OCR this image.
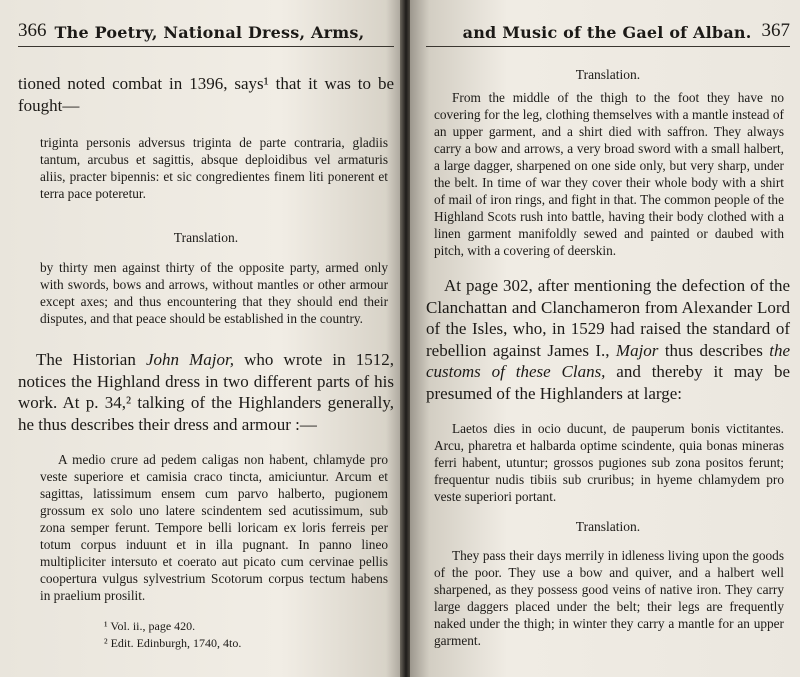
366 The Poetry, National Dress, Arms,

tioned noted combat in 1396, says¹ that it was to be fought—

triginta personis adversus triginta de parte contraria, gladiis tantum, arcubus et sagittis, absque deploidibus vel armaturis aliis, practer bipennis: et sic congredientes finem liti ponerent et terra pace poteretur.

Translation.

by thirty men against thirty of the opposite party, armed only with swords, bows and arrows, without mantles or other armour except axes; and thus encountering that they should end their disputes, and that peace should be established in the country.

The Historian John Major, who wrote in 1512, notices the Highland dress in two different parts of his work. At p. 34,² talking of the Highlanders generally, he thus describes their dress and armour :—

A medio crure ad pedem caligas non habent, chlamyde pro veste superiore et camisia craco tincta, amiciuntur. Arcum et sagittas, latissimum ensem cum parvo halberto, pugionem grossum ex solo uno latere scindentem sed acutissimum, sub zona semper ferunt. Tempore belli loricam ex loris ferreis per totum corpus induunt et in illa pugnant. In panno lineo multipliciter intersuto et coerato aut picato cum cervinae pellis coopertura vulgus sylvestrium Scotorum corpus tectum habens in praelium prosilit.

¹ Vol. ii., page 420.
² Edit. Edinburgh, 1740, 4to.
and Music of the Gael of Alban. 367

Translation.

From the middle of the thigh to the foot they have no covering for the leg, clothing themselves with a mantle instead of an upper garment, and a shirt died with saffron. They always carry a bow and arrows, a very broad sword with a small halbert, a large dagger, sharpened on one side only, but very sharp, under the belt. In time of war they cover their whole body with a shirt of mail of iron rings, and fight in that. The common people of the Highland Scots rush into battle, having their body clothed with a linen garment manifoldly sewed and painted or daubed with pitch, with a covering of deerskin.

At page 302, after mentioning the defection of the Clanchattan and Clanchameron from Alexander Lord of the Isles, who, in 1529 had raised the standard of rebellion against James I., Major thus describes the customs of these Clans, and thereby it may be presumed of the Highlanders at large:

Laetos dies in ocio ducunt, de pauperum bonis victitantes. Arcu, pharetra et halbarda optime scindente, quia bonas mineras ferri habent, utuntur; grossos pugiones sub zona positos ferunt; frequentur nudis tibiis sub cruribus; in hyeme chlamydem pro veste superiori portant.

Translation.

They pass their days merrily in idleness living upon the goods of the poor. They use a bow and quiver, and a halbert well sharpened, as they possess good veins of native iron. They carry large daggers placed under the belt; their legs are frequently naked under the thigh; in winter they carry a mantle for an upper garment.
